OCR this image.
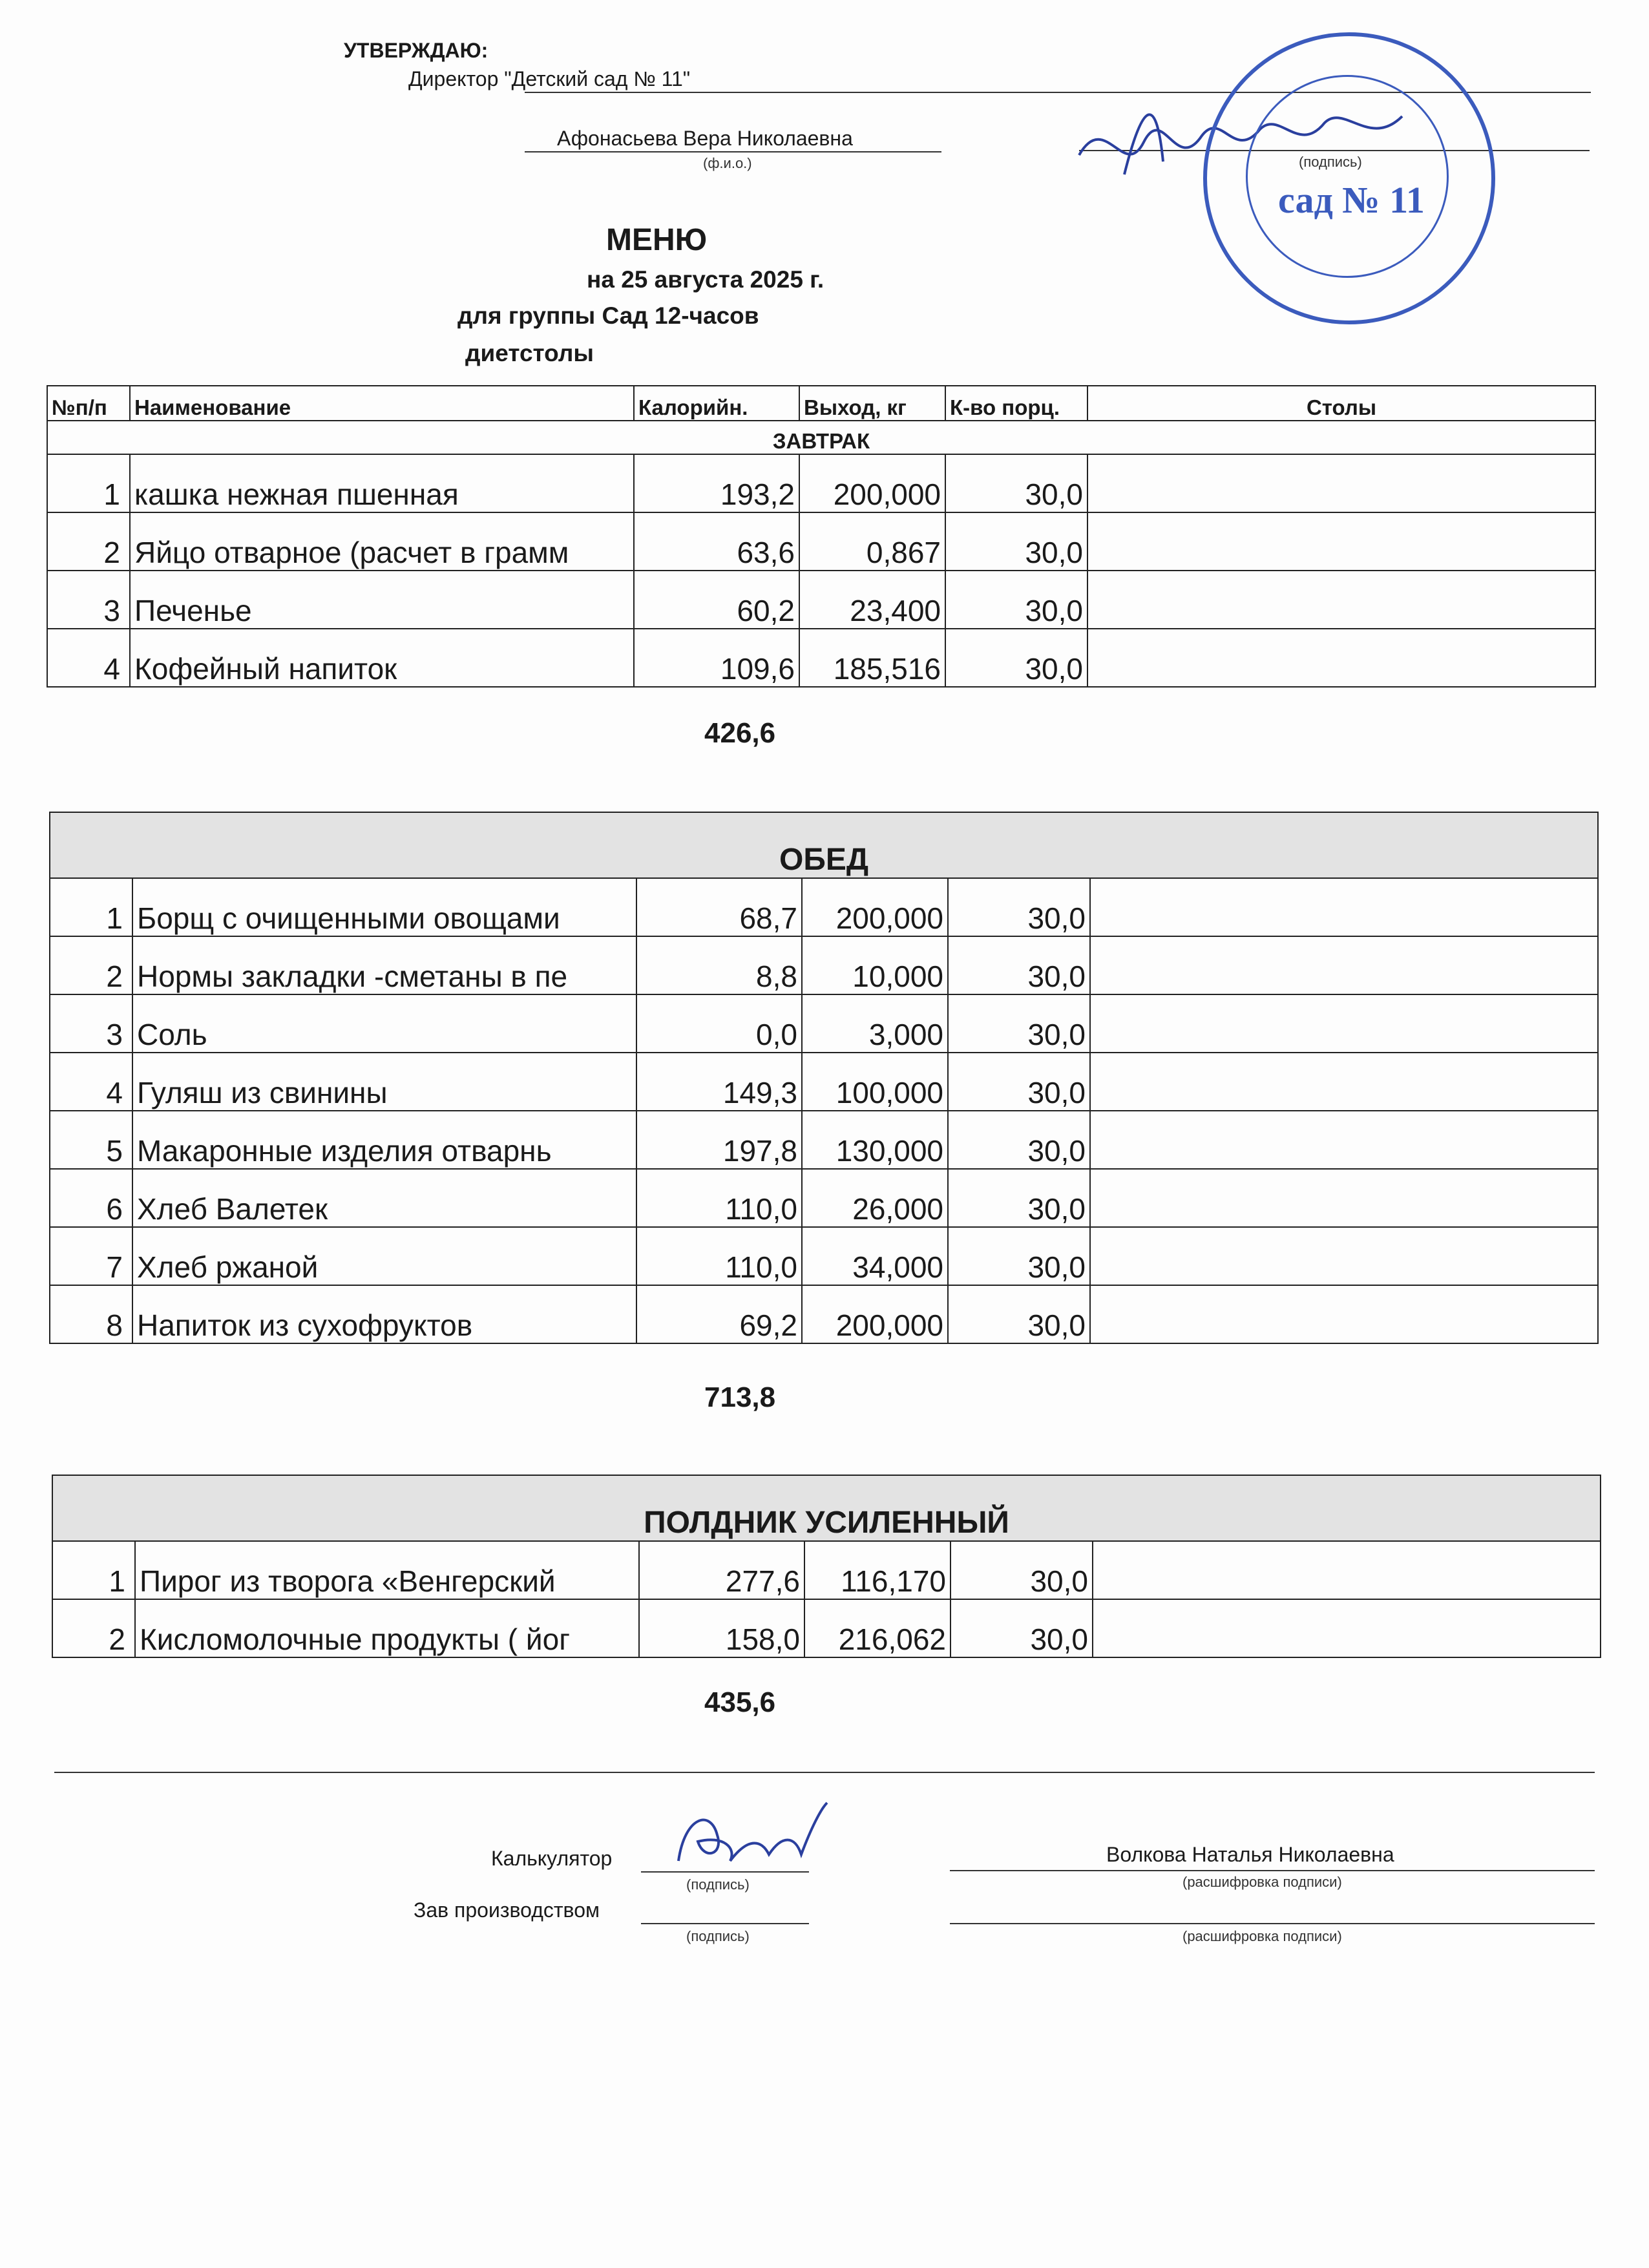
УТВЕРЖДАЮ:
Директор "Детский сад № 11"
Афонасьева Вера Николаевна
(ф.и.о.)	(подпись)
сад № 11
МЕНЮ
на 25 августа 2025 г.
для группы Сад 12-часов
диетстолы
№п/п	Наименование	Калорийн.	Выход, кг	К-во порц.	Столы
ЗАВТРАК					
1	кашка нежная пшенная	193,2	200,000	30,0	
2	Яйцо отварное (расчет в грамм	63,6	0,867	30,0	
3	Печенье	60,2	23,400	30,0	
4	Кофейный напиток	109,6	185,516	30,0	
426,6
ОБЕД					
1	Борщ с очищенными овощами	68,7	200,000	30,0	
2	Нормы закладки -сметаны в пе	8,8	10,000	30,0	
3	Соль	0,0	3,000	30,0	
4	Гуляш из свинины	149,3	100,000	30,0	
5	Макаронные изделия отварнь	197,8	130,000	30,0	
6	Хлеб Валетек	110,0	26,000	30,0	
7	Хлеб ржаной	110,0	34,000	30,0	
8	Напиток из сухофруктов	69,2	200,000	30,0	
713,8
ПОЛДНИК УСИЛЕННЫЙ					
1	Пирог из творога «Венгерский	277,6	116,170	30,0	
2	Кисломолочные продукты ( йог	158,0	216,062	30,0	
435,6
Калькулятор
(подпись)
Волкова Наталья Николаевна
(расшифровка подписи)
Зав производством
(подпись)	(расшифровка подписи)
